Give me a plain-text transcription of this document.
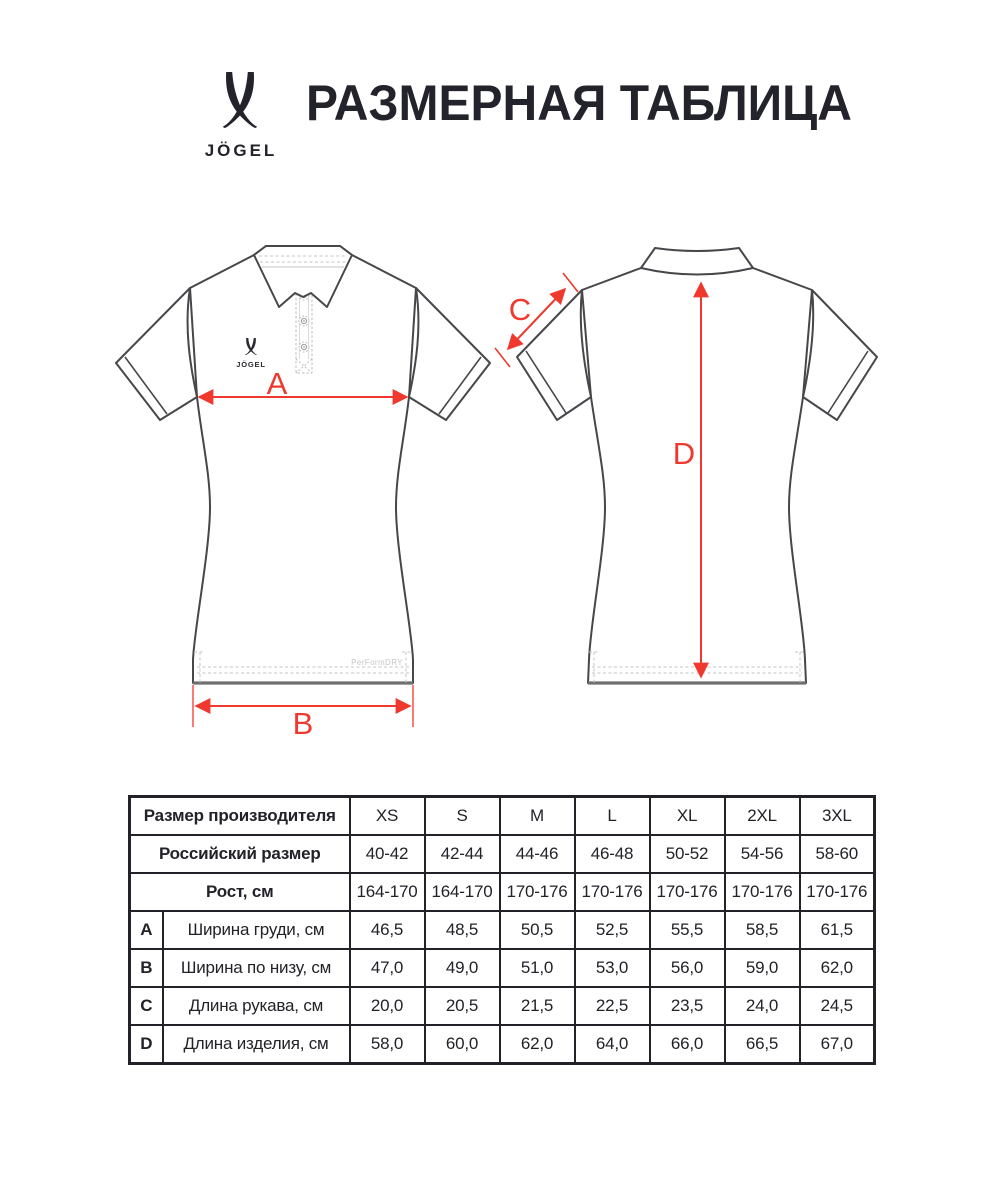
JÖGEL
РАЗМЕРНАЯ ТАБЛИЦА
JÖGEL
PerFormDRY
A
B
C
D
Размер производителя		XS	S	M	L	XL	2XL	3XL
Российский размер		40-42	42-44	44-46	46-48	50-52	54-56	58-60
Рост, см		164-170	164-170	170-176	170-176	170-176	170-176	170-176
A	Ширина груди, см	46,5	48,5	50,5	52,5	55,5	58,5	61,5
B	Ширина по низу, см	47,0	49,0	51,0	53,0	56,0	59,0	62,0
C	Длина рукава, см	20,0	20,5	21,5	22,5	23,5	24,0	24,5
D	Длина изделия, см	58,0	60,0	62,0	64,0	66,0	66,5	67,0
